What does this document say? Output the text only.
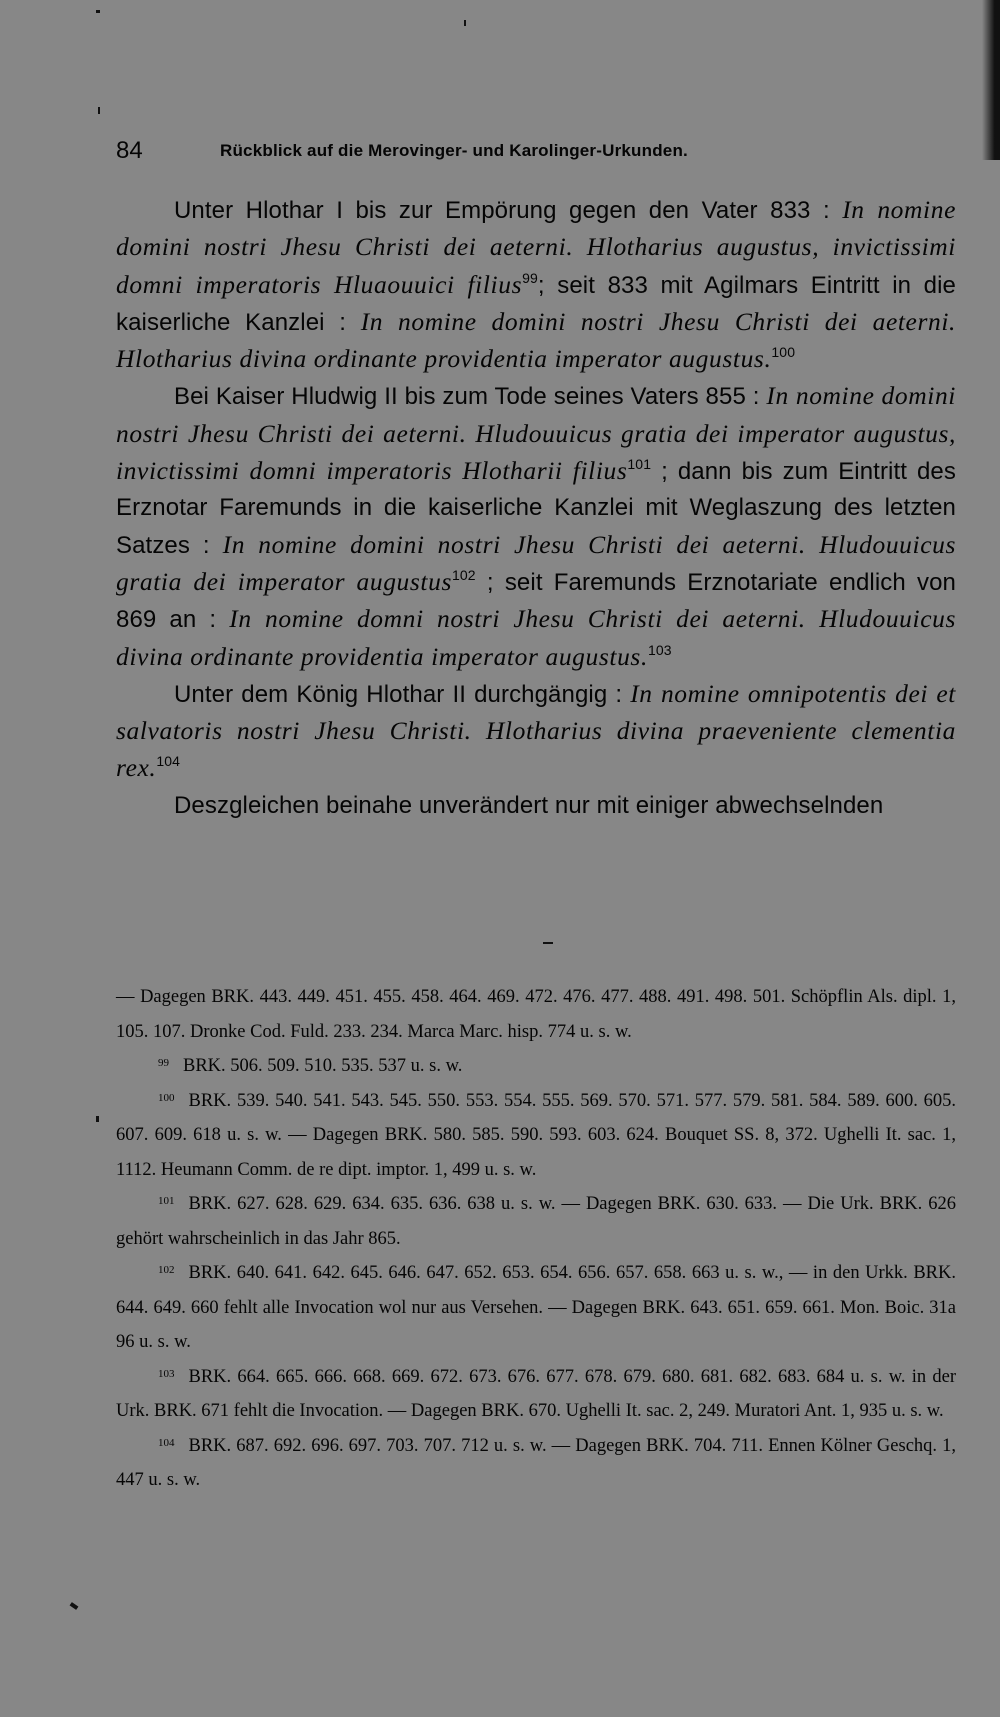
84	Rückblick auf die Merovinger- und Karolinger-Urkunden.

Unter Hlothar I bis zur Empörung gegen den Vater 833 : In nomine domini nostri Jhesu Christi dei aeterni. Hlotharius augustus, invictissimi domni imperatoris Hluaouuici filius$^{99}$; seit 833 mit Agilmars Eintritt in die kaiserliche Kanzlei : In nomine domini nostri Jhesu Christi dei aeterni. Hlotharius divina ordinante providentia imperator augustus.$^{100}$

Bei Kaiser Hludwig II bis zum Tode seines Vaters 855 : In nomine domini nostri Jhesu Christi dei aeterni. Hludouuicus gratia dei imperator augustus, invictissimi domni imperatoris Hlotharii filius$^{101}$ ; dann bis zum Eintritt des Erznotar Faremunds in die kaiserliche Kanzlei mit Weglaszung des letzten Satzes : In nomine domini nostri Jhesu Christi dei aeterni. Hludouuicus gratia dei imperator augustus$^{102}$ ; seit Faremunds Erznotariate endlich von 869 an : In nomine domni nostri Jhesu Christi dei aeterni. Hludouuicus divina ordinante providentia imperator augustus.$^{103}$

Unter dem König Hlothar II durchgängig : In nomine omnipotentis dei et salvatoris nostri Jhesu Christi. Hlotharius divina praeveniente clementia rex.$^{104}$

Deszgleichen beinahe unverändert nur mit einiger abwechselnden

— Dagegen BRK. 443. 449. 451. 455. 458. 464. 469. 472. 476. 477. 488. 491. 498. 501. Schöpflin Als. dipl. 1, 105. 107. Dronke Cod. Fuld. 233. 234. Marca Marc. hisp. 774 u. s. w.

$^{99}$ BRK. 506. 509. 510. 535. 537 u. s. w.

$^{100}$ BRK. 539. 540. 541. 543. 545. 550. 553. 554. 555. 569. 570. 571. 577. 579. 581. 584. 589. 600. 605. 607. 609. 618 u. s. w. — Dagegen BRK. 580. 585. 590. 593. 603. 624. Bouquet SS. 8, 372. Ughelli It. sac. 1, 1112. Heumann Comm. de re dipt. imptor. 1, 499 u. s. w.

$^{101}$ BRK. 627. 628. 629. 634. 635. 636. 638 u. s. w. — Dagegen BRK. 630. 633. — Die Urk. BRK. 626 gehört wahrscheinlich in das Jahr 865.

$^{102}$ BRK. 640. 641. 642. 645. 646. 647. 652. 653. 654. 656. 657. 658. 663 u. s. w., — in den Urkk. BRK. 644. 649. 660 fehlt alle Invocation wol nur aus Versehen. — Dagegen BRK. 643. 651. 659. 661. Mon. Boic. 31a 96 u. s. w.

$^{103}$ BRK. 664. 665. 666. 668. 669. 672. 673. 676. 677. 678. 679. 680. 681. 682. 683. 684 u. s. w. in der Urk. BRK. 671 fehlt die Invocation. — Dagegen BRK. 670. Ughelli It. sac. 2, 249. Muratori Ant. 1, 935 u. s. w.

$^{104}$ BRK. 687. 692. 696. 697. 703. 707. 712 u. s. w. — Dagegen BRK. 704. 711. Ennen Kölner Geschq. 1, 447 u. s. w.
